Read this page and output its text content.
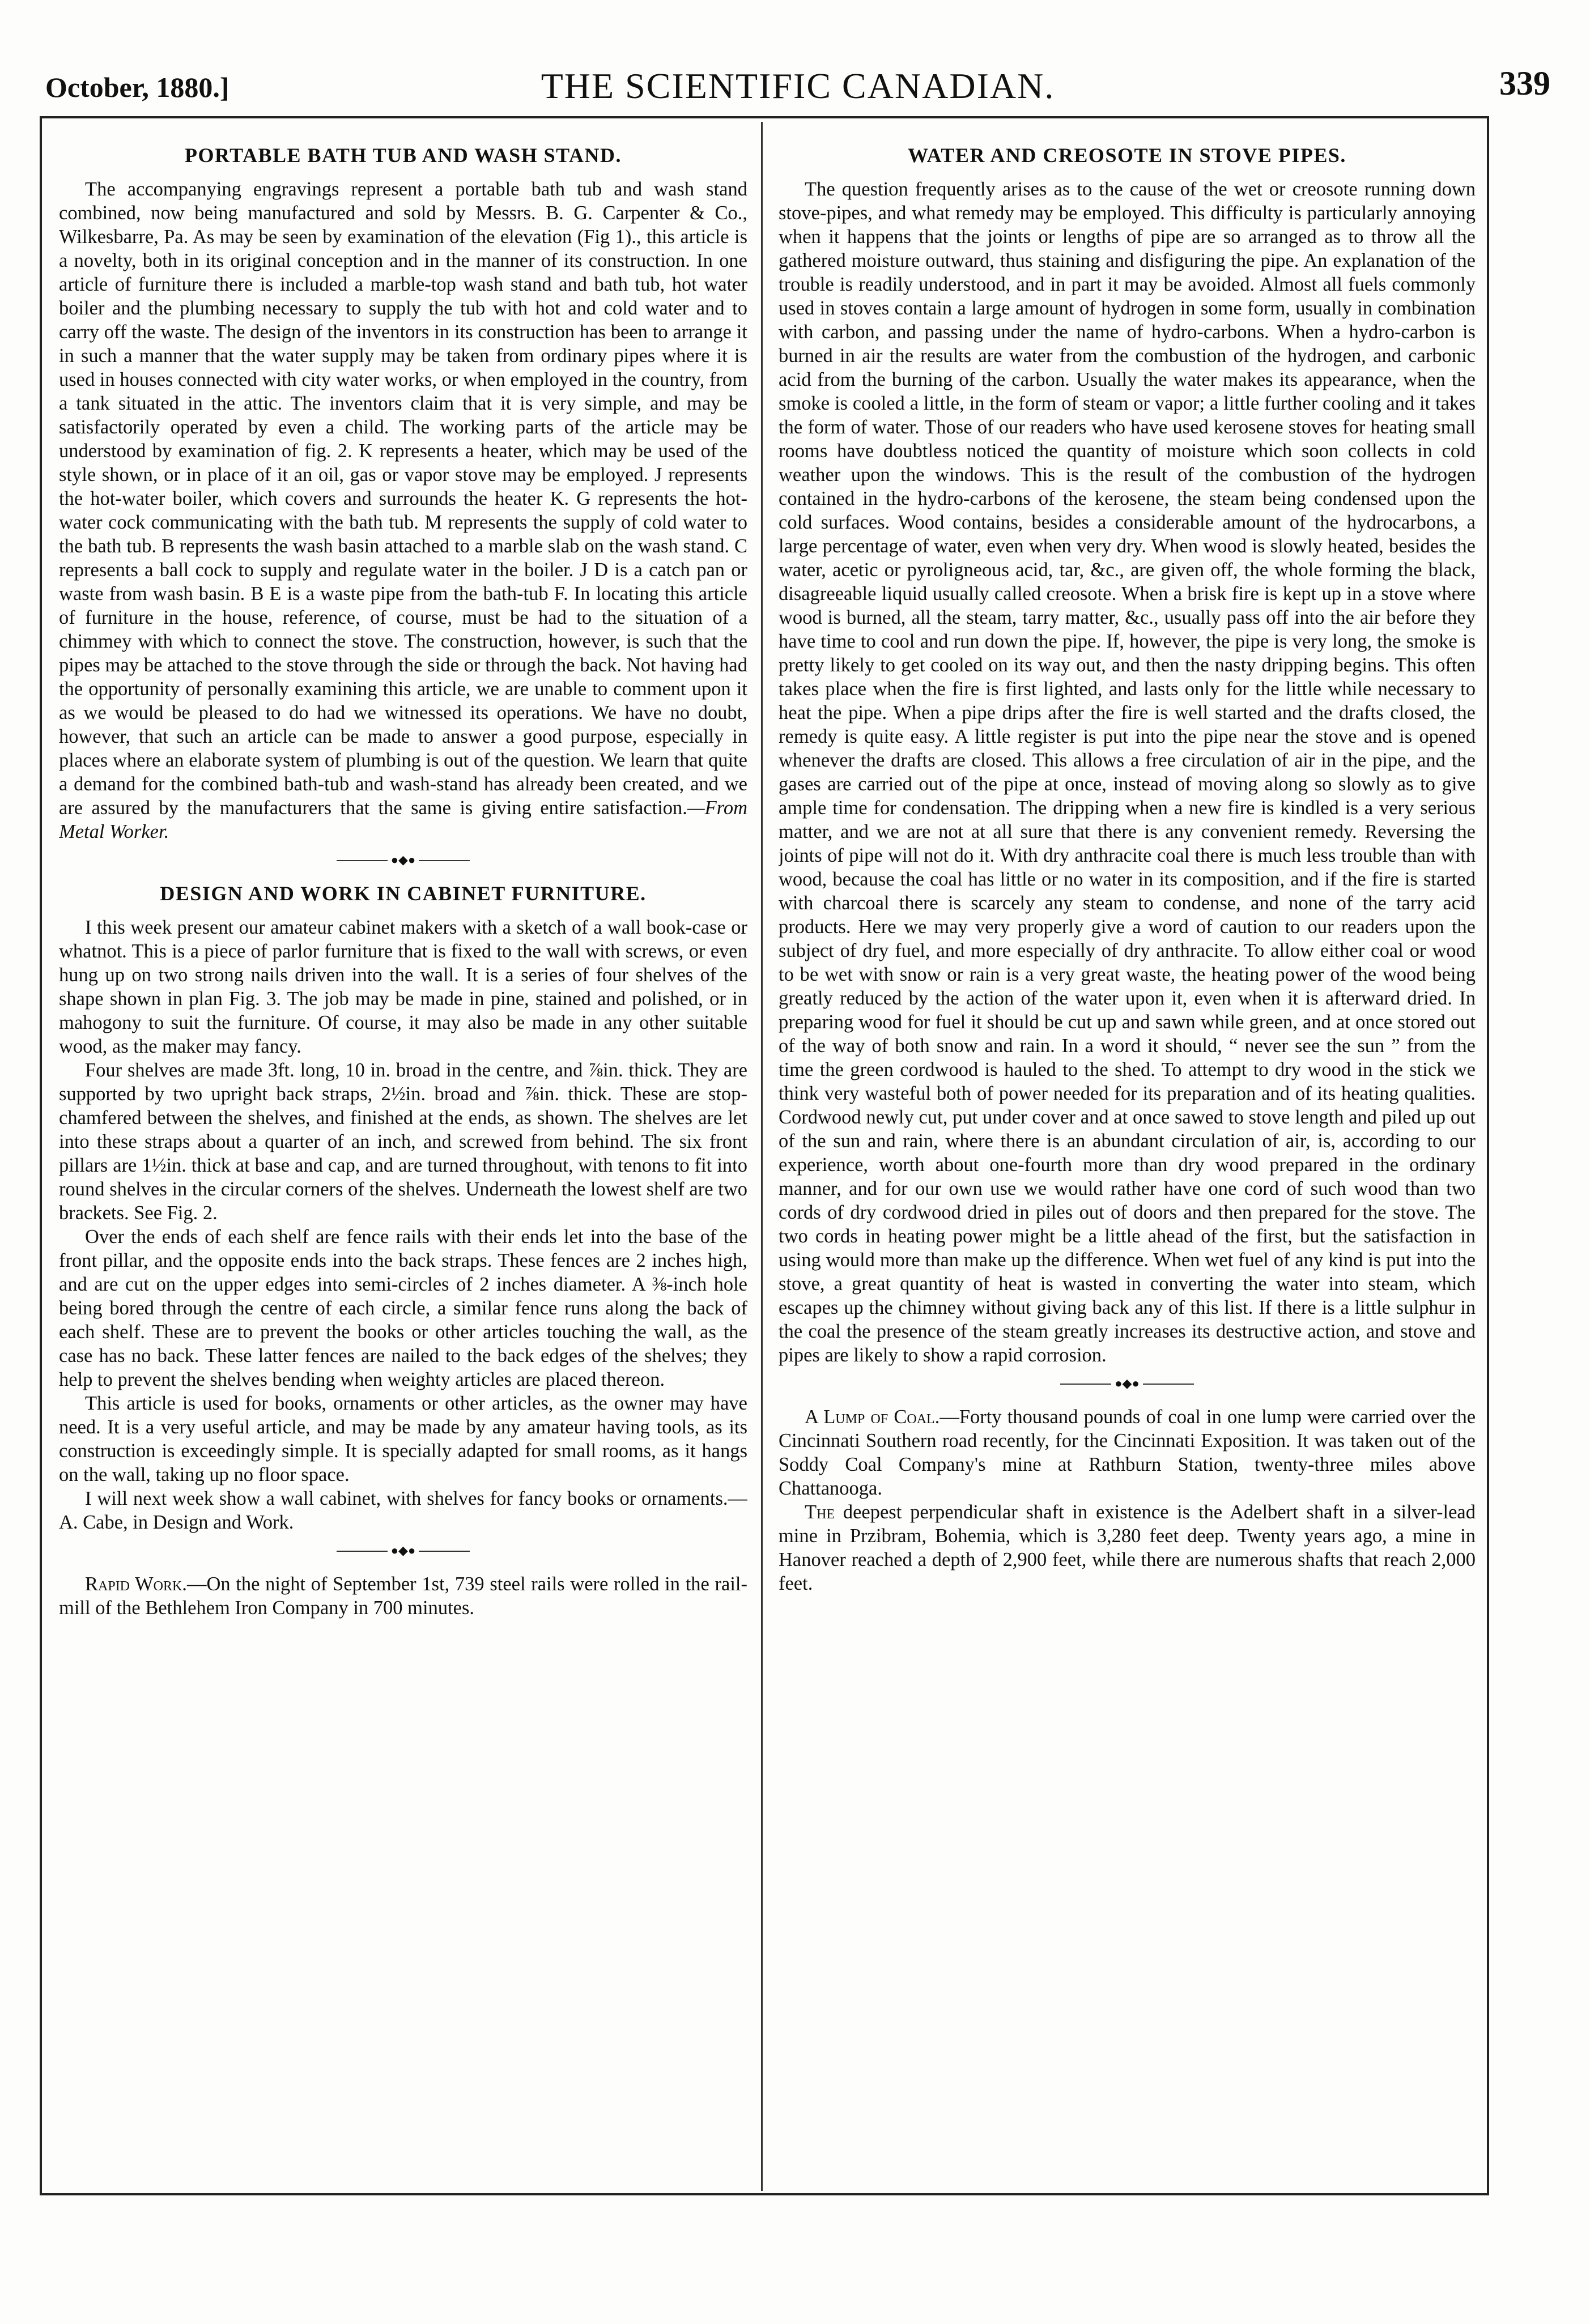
THE SCIENTIFIC CANADIAN.
October, 1880.]	339
PORTABLE BATH TUB AND WASH STAND.

The accompanying engravings represent a portable bath tub and wash stand combined, now being manufactured and sold by Messrs. B. G. Carpenter & Co., Wilkesbarre, Pa. As may be seen by examination of the elevation (Fig 1)., this article is a novelty, both in its original conception and in the manner of its construction. In one article of furniture there is included a marble-top wash stand and bath tub, hot water boiler and the plumbing necessary to supply the tub with hot and cold water and to carry off the waste. The design of the inventors in its construction has been to arrange it in such a manner that the water supply may be taken from ordinary pipes where it is used in houses connected with city water works, or when employed in the country, from a tank situated in the attic. The inventors claim that it is very simple, and may be satisfactorily operated by even a child. The working parts of the article may be understood by examination of fig. 2. K represents a heater, which may be used of the style shown, or in place of it an oil, gas or vapor stove may be employed. J represents the hot-water boiler, which covers and surrounds the heater K. G represents the hot-water cock communicating with the bath tub. M represents the supply of cold water to the bath tub. B represents the wash basin attached to a marble slab on the wash stand. C represents a ball cock to supply and regulate water in the boiler. J D is a catch pan or waste from wash basin. B E is a waste pipe from the bath-tub F. In locating this article of furniture in the house, reference, of course, must be had to the situation of a chimmey with which to connect the stove. The construction, however, is such that the pipes may be attached to the stove through the side or through the back. Not having had the opportunity of personally examining this article, we are unable to comment upon it as we would be pleased to do had we witnessed its operations. We have no doubt, however, that such an article can be made to answer a good purpose, especially in places where an elaborate system of plumbing is out of the question. We learn that quite a demand for the combined bath-tub and wash-stand has already been created, and we are assured by the manufacturers that the same is giving entire satisfaction.—From Metal Worker.

●◆●
DESIGN AND WORK IN CABINET FURNITURE.

I this week present our amateur cabinet makers with a sketch of a wall book-case or whatnot. This is a piece of parlor furniture that is fixed to the wall with screws, or even hung up on two strong nails driven into the wall. It is a series of four shelves of the shape shown in plan Fig. 3. The job may be made in pine, stained and polished, or in mahogony to suit the furniture. Of course, it may also be made in any other suitable wood, as the maker may fancy.

Four shelves are made 3ft. long, 10 in. broad in the centre, and ⅞in. thick. They are supported by two upright back straps, 2½in. broad and ⅞in. thick. These are stop-chamfered between the shelves, and finished at the ends, as shown. The shelves are let into these straps about a quarter of an inch, and screwed from behind. The six front pillars are 1½in. thick at base and cap, and are turned throughout, with tenons to fit into round shelves in the circular corners of the shelves. Underneath the lowest shelf are two brackets. See Fig. 2.

Over the ends of each shelf are fence rails with their ends let into the base of the front pillar, and the opposite ends into the back straps. These fences are 2 inches high, and are cut on the upper edges into semi-circles of 2 inches diameter. A ⅜-inch hole being bored through the centre of each circle, a similar fence runs along the back of each shelf. These are to prevent the books or other articles touching the wall, as the case has no back. These latter fences are nailed to the back edges of the shelves; they help to prevent the shelves bending when weighty articles are placed thereon.

This article is used for books, ornaments or other articles, as the owner may have need. It is a very useful article, and may be made by any amateur having tools, as its construction is exceedingly simple. It is specially adapted for small rooms, as it hangs on the wall, taking up no floor space.

I will next week show a wall cabinet, with shelves for fancy books or ornaments.—A. Cabe, in Design and Work.

●◆●

Rapid Work.—On the night of September 1st, 739 steel rails were rolled in the rail-mill of the Bethlehem Iron Company in 700 minutes.

WATER AND CREOSOTE IN STOVE PIPES.

The question frequently arises as to the cause of the wet or creosote running down stove-pipes, and what remedy may be employed. This difficulty is particularly annoying when it happens that the joints or lengths of pipe are so arranged as to throw all the gathered moisture outward, thus staining and disfiguring the pipe. An explanation of the trouble is readily understood, and in part it may be avoided. Almost all fuels commonly used in stoves contain a large amount of hydrogen in some form, usually in combination with carbon, and passing under the name of hydro-carbons. When a hydro-carbon is burned in air the results are water from the combustion of the hydrogen, and carbonic acid from the burning of the carbon. Usually the water makes its appearance, when the smoke is cooled a little, in the form of steam or vapor; a little further cooling and it takes the form of water. Those of our readers who have used kerosene stoves for heating small rooms have doubtless noticed the quantity of moisture which soon collects in cold weather upon the windows. This is the result of the combustion of the hydrogen contained in the hydro-carbons of the kerosene, the steam being condensed upon the cold surfaces. Wood contains, besides a considerable amount of the hydrocarbons, a large percentage of water, even when very dry. When wood is slowly heated, besides the water, acetic or pyroligneous acid, tar, &c., are given off, the whole forming the black, disagreeable liquid usually called creosote. When a brisk fire is kept up in a stove where wood is burned, all the steam, tarry matter, &c., usually pass off into the air before they have time to cool and run down the pipe. If, however, the pipe is very long, the smoke is pretty likely to get cooled on its way out, and then the nasty dripping begins. This often takes place when the fire is first lighted, and lasts only for the little while necessary to heat the pipe. When a pipe drips after the fire is well started and the drafts closed, the remedy is quite easy. A little register is put into the pipe near the stove and is opened whenever the drafts are closed. This allows a free circulation of air in the pipe, and the gases are carried out of the pipe at once, instead of moving along so slowly as to give ample time for condensation. The dripping when a new fire is kindled is a very serious matter, and we are not at all sure that there is any convenient remedy. Reversing the joints of pipe will not do it. With dry anthracite coal there is much less trouble than with wood, because the coal has little or no water in its composition, and if the fire is started with charcoal there is scarcely any steam to condense, and none of the tarry acid products. Here we may very properly give a word of caution to our readers upon the subject of dry fuel, and more especially of dry anthracite. To allow either coal or wood to be wet with snow or rain is a very great waste, the heating power of the wood being greatly reduced by the action of the water upon it, even when it is afterward dried. In preparing wood for fuel it should be cut up and sawn while green, and at once stored out of the way of both snow and rain. In a word it should, “ never see the sun ” from the time the green cordwood is hauled to the shed. To attempt to dry wood in the stick we think very wasteful both of power needed for its preparation and of its heating qualities. Cordwood newly cut, put under cover and at once sawed to stove length and piled up out of the sun and rain, where there is an abundant circulation of air, is, according to our experience, worth about one-fourth more than dry wood prepared in the ordinary manner, and for our own use we would rather have one cord of such wood than two cords of dry cordwood dried in piles out of doors and then prepared for the stove. The two cords in heating power might be a little ahead of the first, but the satisfaction in using would more than make up the difference. When wet fuel of any kind is put into the stove, a great quantity of heat is wasted in converting the water into steam, which escapes up the chimney without giving back any of this list. If there is a little sulphur in the coal the presence of the steam greatly increases its destructive action, and stove and pipes are likely to show a rapid corrosion.

●◆●

A Lump of Coal.—Forty thousand pounds of coal in one lump were carried over the Cincinnati Southern road recently, for the Cincinnati Exposition. It was taken out of the Soddy Coal Company's mine at Rathburn Station, twenty-three miles above Chattanooga.

The deepest perpendicular shaft in existence is the Adelbert shaft in a silver-lead mine in Przibram, Bohemia, which is 3,280 feet deep. Twenty years ago, a mine in Hanover reached a depth of 2,900 feet, while there are numerous shafts that reach 2,000 feet.
